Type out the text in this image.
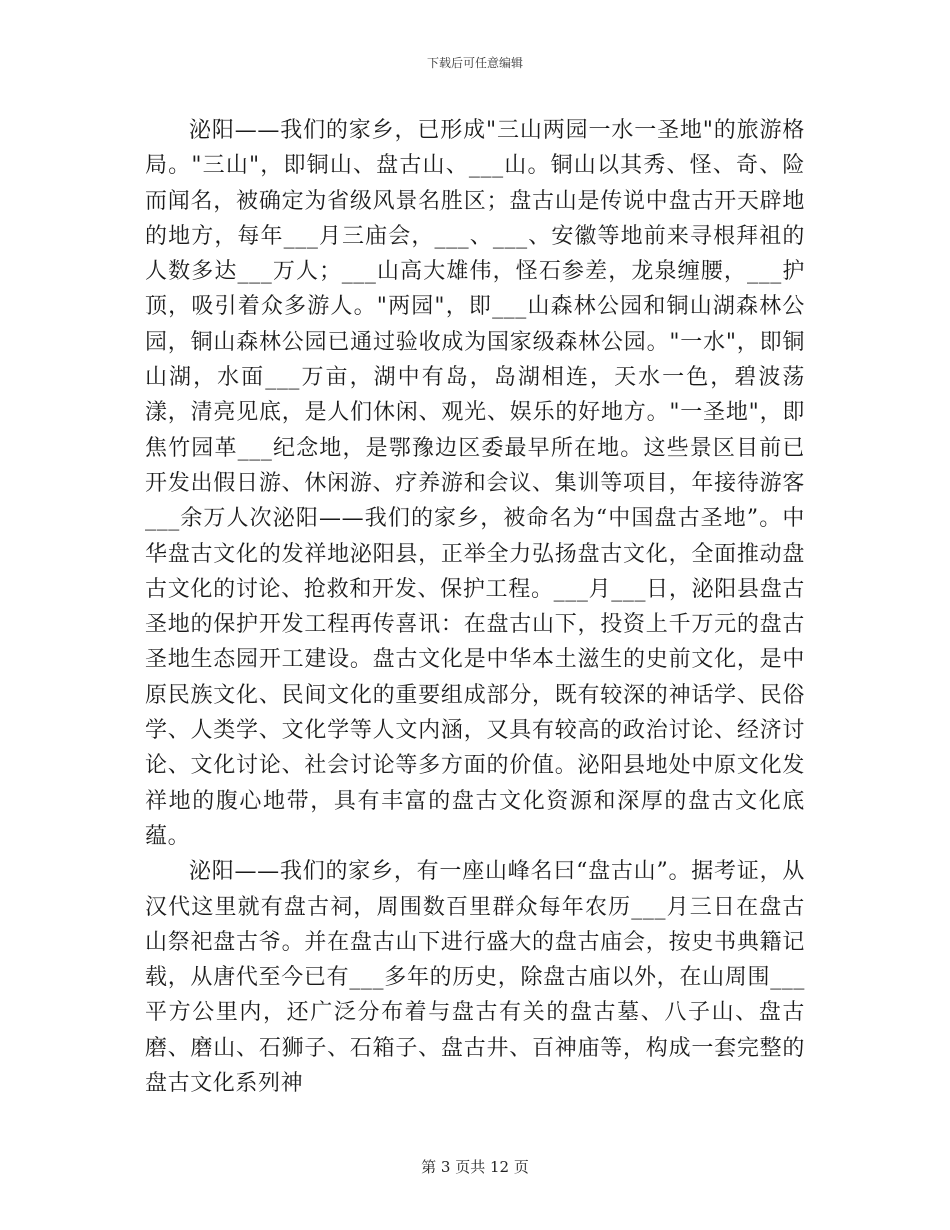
下载后可任意编辑

泌阳——我们的家乡，已形成"三山两园一水一圣地"的旅游格局。"三山"，即铜山、盘古山、___山。铜山以其秀、怪、奇、险而闻名，被确定为省级风景名胜区；盘古山是传说中盘古开天辟地的地方，每年___月三庙会，___、___、安徽等地前来寻根拜祖的人数多达___万人；___山高大雄伟，怪石参差，龙泉缠腰，___护顶，吸引着众多游人。"两园"，即___山森林公园和铜山湖森林公园，铜山森林公园已通过验收成为国家级森林公园。"一水"，即铜山湖，水面___万亩，湖中有岛，岛湖相连，天水一色，碧波荡漾，清亮见底，是人们休闲、观光、娱乐的好地方。"一圣地"，即焦竹园革___纪念地，是鄂豫边区委最早所在地。这些景区目前已开发出假日游、休闲游、疗养游和会议、集训等项目，年接待游客___余万人次泌阳——我们的家乡，被命名为“中国盘古圣地”。中华盘古文化的发祥地泌阳县，正举全力弘扬盘古文化，全面推动盘古文化的讨论、抢救和开发、保护工程。___月___日，泌阳县盘古圣地的保护开发工程再传喜讯：在盘古山下，投资上千万元的盘古圣地生态园开工建设。盘古文化是中华本土滋生的史前文化，是中原民族文化、民间文化的重要组成部分，既有较深的神话学、民俗学、人类学、文化学等人文内涵，又具有较高的政治讨论、经济讨论、文化讨论、社会讨论等多方面的价值。泌阳县地处中原文化发祥地的腹心地带，具有丰富的盘古文化资源和深厚的盘古文化底蕴。

泌阳——我们的家乡，有一座山峰名曰“盘古山”。据考证，从汉代这里就有盘古祠，周围数百里群众每年农历___月三日在盘古山祭祀盘古爷。并在盘古山下进行盛大的盘古庙会，按史书典籍记载，从唐代至今已有___多年的历史，除盘古庙以外，在山周围___平方公里内，还广泛分布着与盘古有关的盘古墓、八子山、盘古磨、磨山、石狮子、石箱子、盘古井、百神庙等，构成一套完整的盘古文化系列神

第 3 页共 12 页
